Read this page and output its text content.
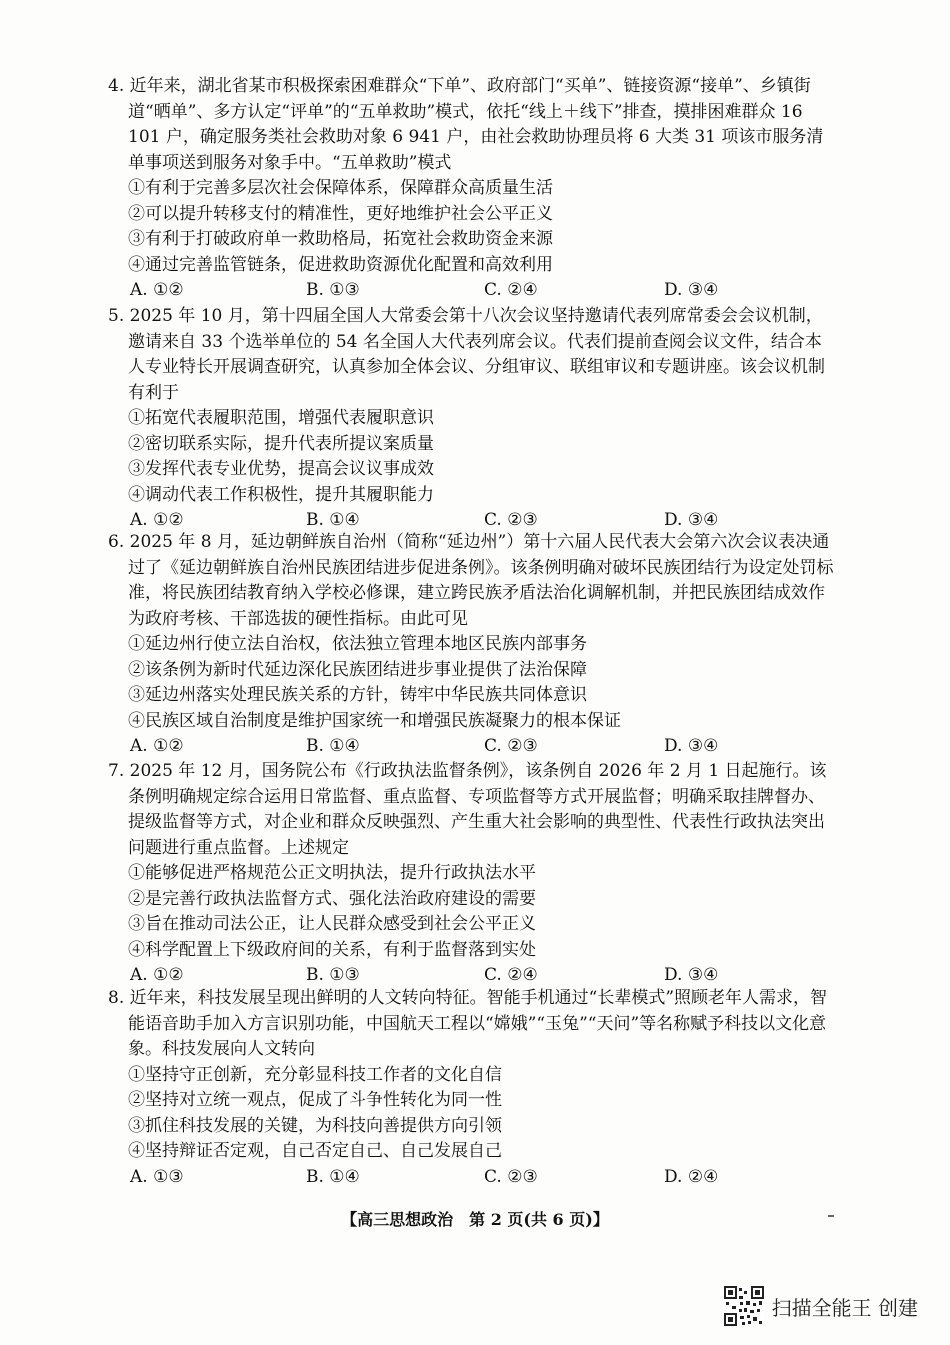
4. 近年来，湖北省某市积极探索困难群众“下单”、政府部门“买单”、链接资源“接单”、乡镇街道“晒单”、多方认定“评单”的“五单救助”模式，依托“线上＋线下”排查，摸排困难群众 16 101 户，确定服务类社会救助对象 6 941 户，由社会救助协理员将 6 大类 31 项该市服务清单事项送到服务对象手中。“五单救助”模式
①有利于完善多层次社会保障体系，保障群众高质量生活
②可以提升转移支付的精准性，更好地维护社会公平正义
③有利于打破政府单一救助格局，拓宽社会救助资金来源
④通过完善监管链条，促进救助资源优化配置和高效利用
A. ①②	B. ①③	C. ②④	D. ③④
5. 2025 年 10 月，第十四届全国人大常委会第十八次会议坚持邀请代表列席常委会会议机制，邀请来自 33 个选举单位的 54 名全国人大代表列席会议。代表们提前查阅会议文件，结合本人专业特长开展调查研究，认真参加全体会议、分组审议、联组审议和专题讲座。该会议机制有利于
①拓宽代表履职范围，增强代表履职意识
②密切联系实际，提升代表所提议案质量
③发挥代表专业优势，提高会议议事成效
④调动代表工作积极性，提升其履职能力
A. ①②	B. ①④	C. ②③	D. ③④
6. 2025 年 8 月，延边朝鲜族自治州（简称“延边州”）第十六届人民代表大会第六次会议表决通过了《延边朝鲜族自治州民族团结进步促进条例》。该条例明确对破坏民族团结行为设定处罚标准，将民族团结教育纳入学校必修课，建立跨民族矛盾法治化调解机制，并把民族团结成效作为政府考核、干部选拔的硬性指标。由此可见
①延边州行使立法自治权，依法独立管理本地区民族内部事务
②该条例为新时代延边深化民族团结进步事业提供了法治保障
③延边州落实处理民族关系的方针，铸牢中华民族共同体意识
④民族区域自治制度是维护国家统一和增强民族凝聚力的根本保证
A. ①②	B. ①④	C. ②③	D. ③④
7. 2025 年 12 月，国务院公布《行政执法监督条例》，该条例自 2026 年 2 月 1 日起施行。该条例明确规定综合运用日常监督、重点监督、专项监督等方式开展监督；明确采取挂牌督办、提级监督等方式，对企业和群众反映强烈、产生重大社会影响的典型性、代表性行政执法突出问题进行重点监督。上述规定
①能够促进严格规范公正文明执法，提升行政执法水平
②是完善行政执法监督方式、强化法治政府建设的需要
③旨在推动司法公正，让人民群众感受到社会公平正义
④科学配置上下级政府间的关系，有利于监督落到实处
A. ①②	B. ①③	C. ②④	D. ③④
8. 近年来，科技发展呈现出鲜明的人文转向特征。智能手机通过“长辈模式”照顾老年人需求，智能语音助手加入方言识别功能，中国航天工程以“嫦娥”“玉兔”“天问”等名称赋予科技以文化意象。科技发展向人文转向
①坚持守正创新，充分彰显科技工作者的文化自信
②坚持对立统一观点，促成了斗争性转化为同一性
③抓住科技发展的关键，为科技向善提供方向引领
④坚持辩证否定观，自己否定自己、自己发展自己
A. ①③	B. ①④	C. ②③	D. ②④
【高三思想政治　第 2 页(共 6 页)】
扫描全能王 创建
